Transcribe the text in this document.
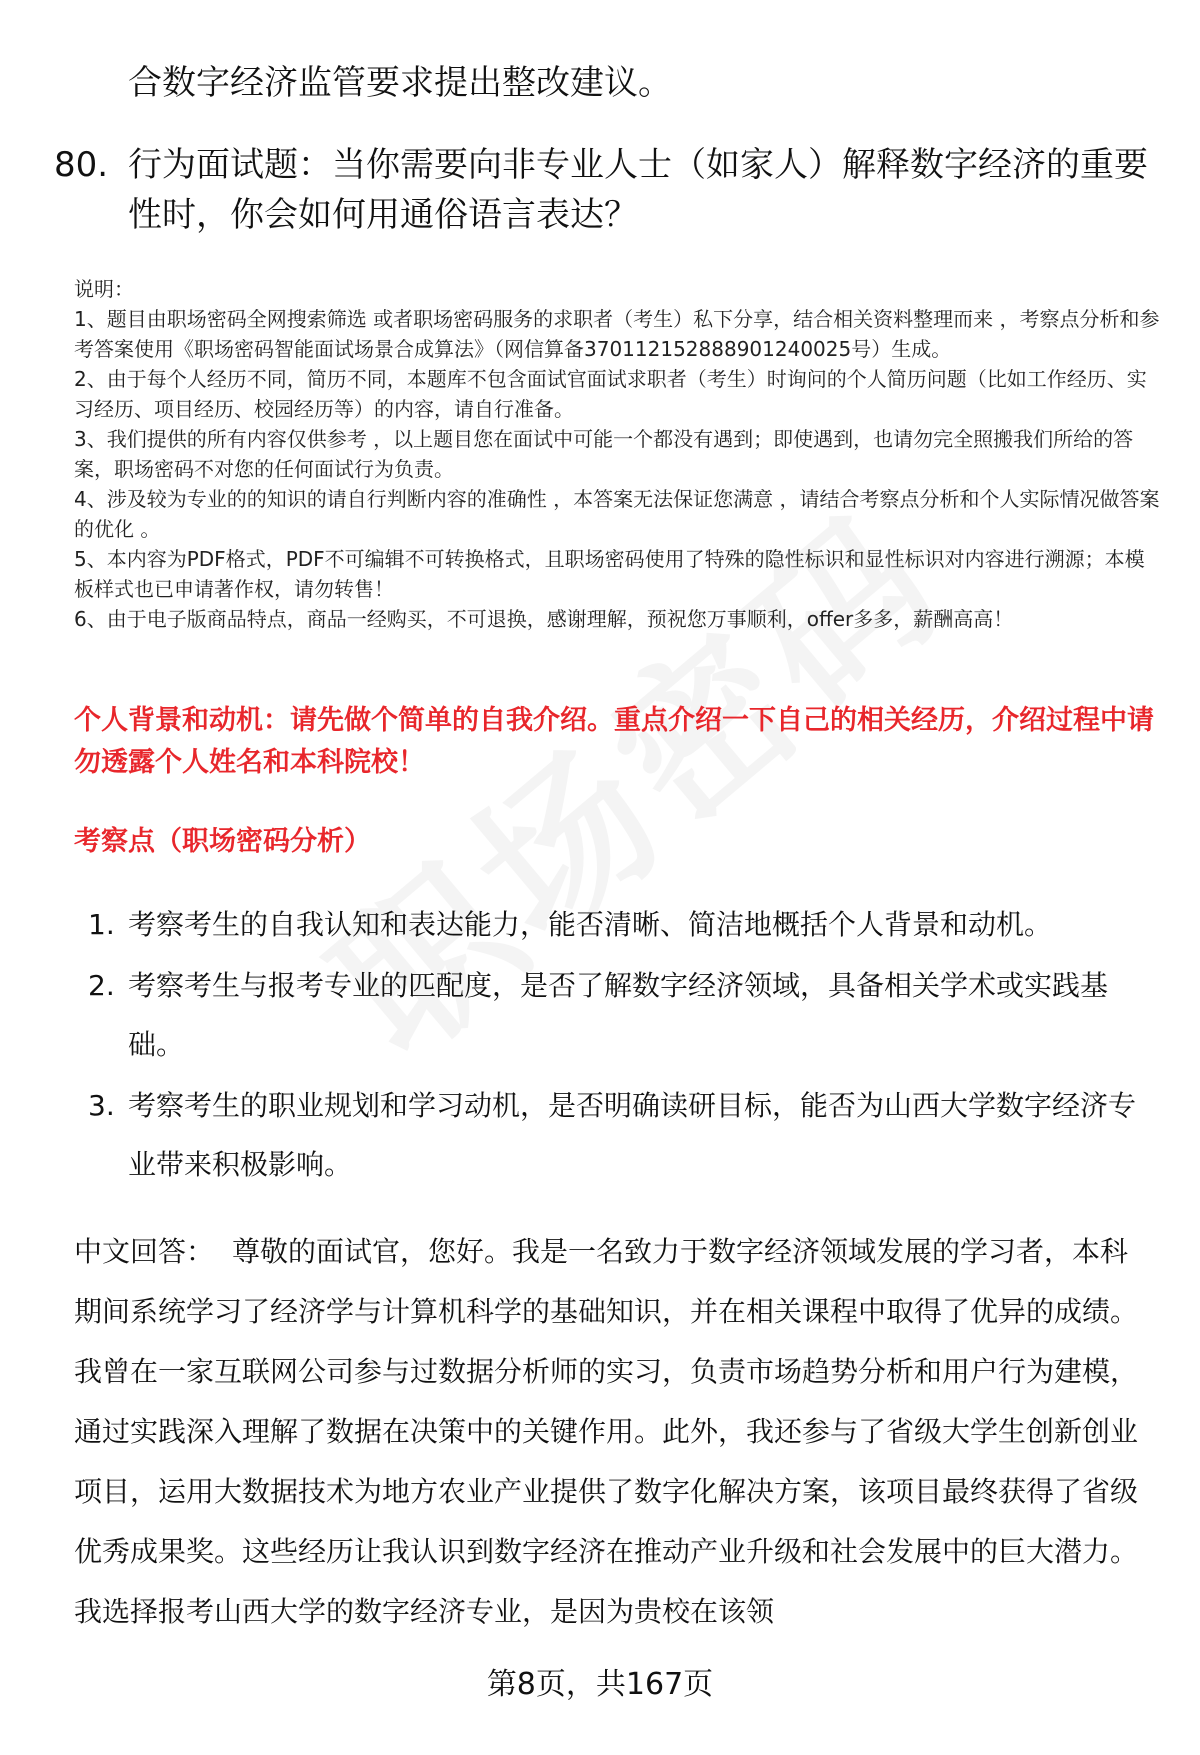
合数字经济监管要求提出整改建议。
80. 行为面试题：当你需要向非专业人士（如家人）解释数字经济的重要性时，你会如何用通俗语言表达？

说明：

1、题目由职场密码全网搜索筛选 或者职场密码服务的求职者（考生）私下分享，结合相关资料整理而来 ，考察点分析和参考答案使用《职场密码智能面试场景合成算法》（网信算备370112152888901240025号）生成。

2、由于每个人经历不同，简历不同，本题库不包含面试官面试求职者（考生）时询问的个人简历问题（比如工作经历、实习经历、项目经历、校园经历等）的内容，请自行准备。

3、我们提供的所有内容仅供参考 ，以上题目您在面试中可能一个都没有遇到；即使遇到，也请勿完全照搬我们所给的答案，职场密码不对您的任何面试行为负责。

4、涉及较为专业的的知识的请自行判断内容的准确性 ，本答案无法保证您满意 ，请结合考察点分析和个人实际情况做答案的优化 。

5、本内容为PDF格式，PDF不可编辑不可转换格式，且职场密码使用了特殊的隐性标识和显性标识对内容进行溯源；本模板样式也已申请著作权，请勿转售！

6、由于电子版商品特点，商品一经购买，不可退换，感谢理解，预祝您万事顺利，offer多多，薪酬高高！

个人背景和动机：请先做个简单的自我介绍。重点介绍一下自己的相关经历，介绍过程中请勿透露个人姓名和本科院校！
考察点（职场密码分析）
1. 考察考生的自我认知和表达能力，能否清晰、简洁地概括个人背景和动机。
2. 考察考生与报考专业的匹配度，是否了解数字经济领域，具备相关学术或实践基础。
3. 考察考生的职业规划和学习动机，是否明确读研目标，能否为山西大学数字经济专业带来积极影响。
中文回答： 尊敬的面试官，您好。我是一名致力于数字经济领域发展的学习者，本科期间系统学习了经济学与计算机科学的基础知识，并在相关课程中取得了优异的成绩。我曾在一家互联网公司参与过数据分析师的实习，负责市场趋势分析和用户行为建模，通过实践深入理解了数据在决策中的关键作用。此外，我还参与了省级大学生创新创业项目，运用大数据技术为地方农业产业提供了数字化解决方案，该项目最终获得了省级优秀成果奖。这些经历让我认识到数字经济在推动产业升级和社会发展中的巨大潜力。我选择报考山西大学的数字经济专业，是因为贵校在该领
第8页，共167页
